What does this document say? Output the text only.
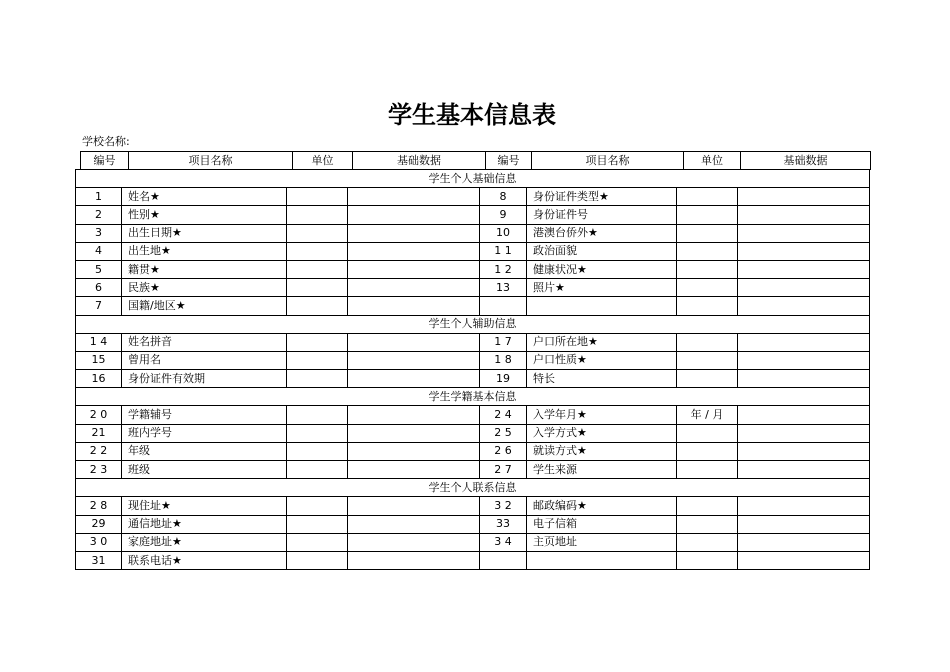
学生基本信息表
学校名称:
编号	项目名称	单位	基础数据	编号	项目名称	单位	基础数据
学生个人基础信息							
1	姓名★			8	身份证件类型★		
2	性别★			9	身份证件号		
3	出生日期★			10	港澳台侨外★		
4	出生地★			1 1	政治面貌		
5	籍贯★			1 2	健康状况★		
6	民族★			13	照片★		
7	国籍/地区★						
学生个人辅助信息							
1 4	姓名拼音			1 7	户口所在地★		
15	曾用名			1 8	户口性质★		
16	身份证件有效期			19	特长		
学生学籍基本信息							
2 0	学籍辅号			2 4	入学年月★	年 / 月	
21	班内学号			2 5	入学方式★		
2 2	年级			2 6	就读方式★		
2 3	班级			2 7	学生来源		
学生个人联系信息							
2 8	现住址★			3 2	邮政编码★		
29	通信地址★			33	电子信箱		
3 0	家庭地址★			3 4	主页地址		
31	联系电话★						
